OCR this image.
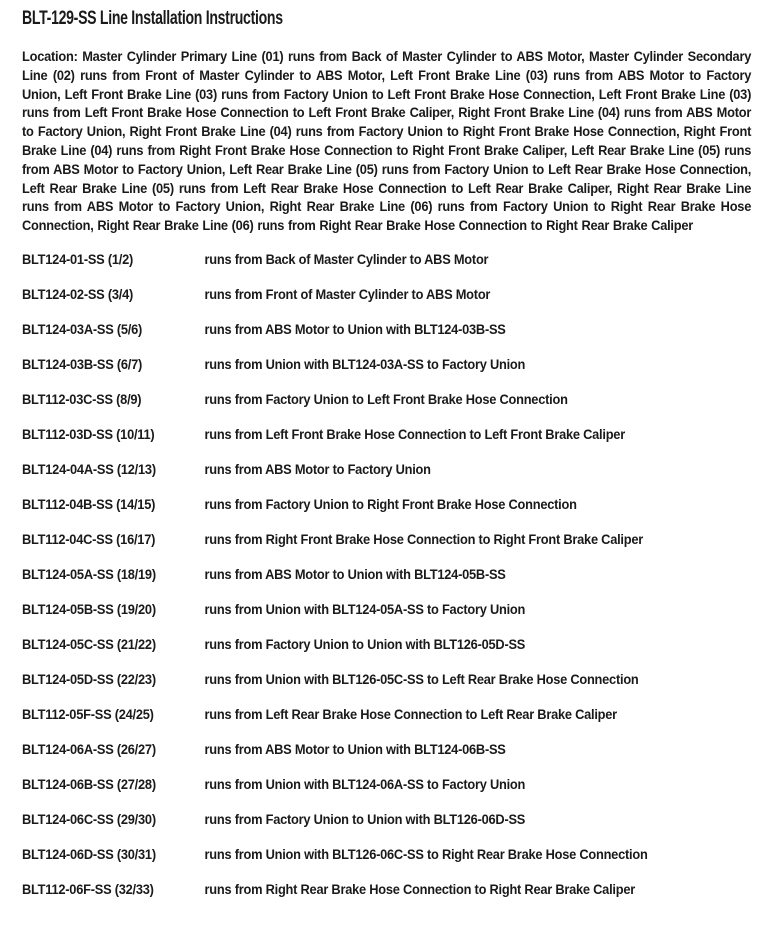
BLT-129-SS Line Installation Instructions

Location: Master Cylinder Primary Line (01) runs from Back of Master Cylinder to ABS Motor, Master Cylinder Secondary Line (02) runs from Front of Master Cylinder to ABS Motor, Left Front Brake Line (03) runs from ABS Motor to Factory Union, Left Front Brake Line (03) runs from Factory Union to Left Front Brake Hose Connection, Left Front Brake Line (03) runs from Left Front Brake Hose Connection to Left Front Brake Caliper, Right Front Brake Line (04) runs from ABS Motor to Factory Union, Right Front Brake Line (04) runs from Factory Union to Right Front Brake Hose Connection, Right Front Brake Line (04) runs from Right Front Brake Hose Connection to Right Front Brake Caliper, Left Rear Brake Line (05) runs from ABS Motor to Factory Union, Left Rear Brake Line (05) runs from Factory Union to Left Rear Brake Hose Connection, Left Rear Brake Line (05) runs from Left Rear Brake Hose Connection to Left Rear Brake Caliper, Right Rear Brake Line runs from ABS Motor to Factory Union, Right Rear Brake Line (06) runs from Factory Union to Right Rear Brake Hose Connection, Right Rear Brake Line (06) runs from Right Rear Brake Hose Connection to Right Rear Brake Caliper

BLT124-01-SS (1/2)	runs from Back of Master Cylinder to ABS Motor
BLT124-02-SS (3/4)	runs from Front of Master Cylinder to ABS Motor
BLT124-03A-SS (5/6)	runs from ABS Motor to Union with BLT124-03B-SS
BLT124-03B-SS (6/7)	runs from Union with BLT124-03A-SS to Factory Union
BLT112-03C-SS (8/9)	runs from Factory Union to Left Front Brake Hose Connection
BLT112-03D-SS (10/11)	runs from Left Front Brake Hose Connection to Left Front Brake Caliper
BLT124-04A-SS (12/13)	runs from ABS Motor to Factory Union
BLT112-04B-SS (14/15)	runs from Factory Union to Right Front Brake Hose Connection
BLT112-04C-SS (16/17)	runs from Right Front Brake Hose Connection to Right Front Brake Caliper
BLT124-05A-SS (18/19)	runs from ABS Motor to Union with BLT124-05B-SS
BLT124-05B-SS (19/20)	runs from Union with BLT124-05A-SS to Factory Union
BLT124-05C-SS (21/22)	runs from Factory Union to Union with BLT126-05D-SS
BLT124-05D-SS (22/23)	runs from Union with BLT126-05C-SS to Left Rear Brake Hose Connection
BLT112-05F-SS (24/25)	runs from Left Rear Brake Hose Connection to Left Rear Brake Caliper
BLT124-06A-SS (26/27)	runs from ABS Motor to Union with BLT124-06B-SS
BLT124-06B-SS (27/28)	runs from Union with BLT124-06A-SS to Factory Union
BLT124-06C-SS (29/30)	runs from Factory Union to Union with BLT126-06D-SS
BLT124-06D-SS (30/31)	runs from Union with BLT126-06C-SS to Right Rear Brake Hose Connection
BLT112-06F-SS (32/33)	runs from Right Rear Brake Hose Connection to Right Rear Brake Caliper
